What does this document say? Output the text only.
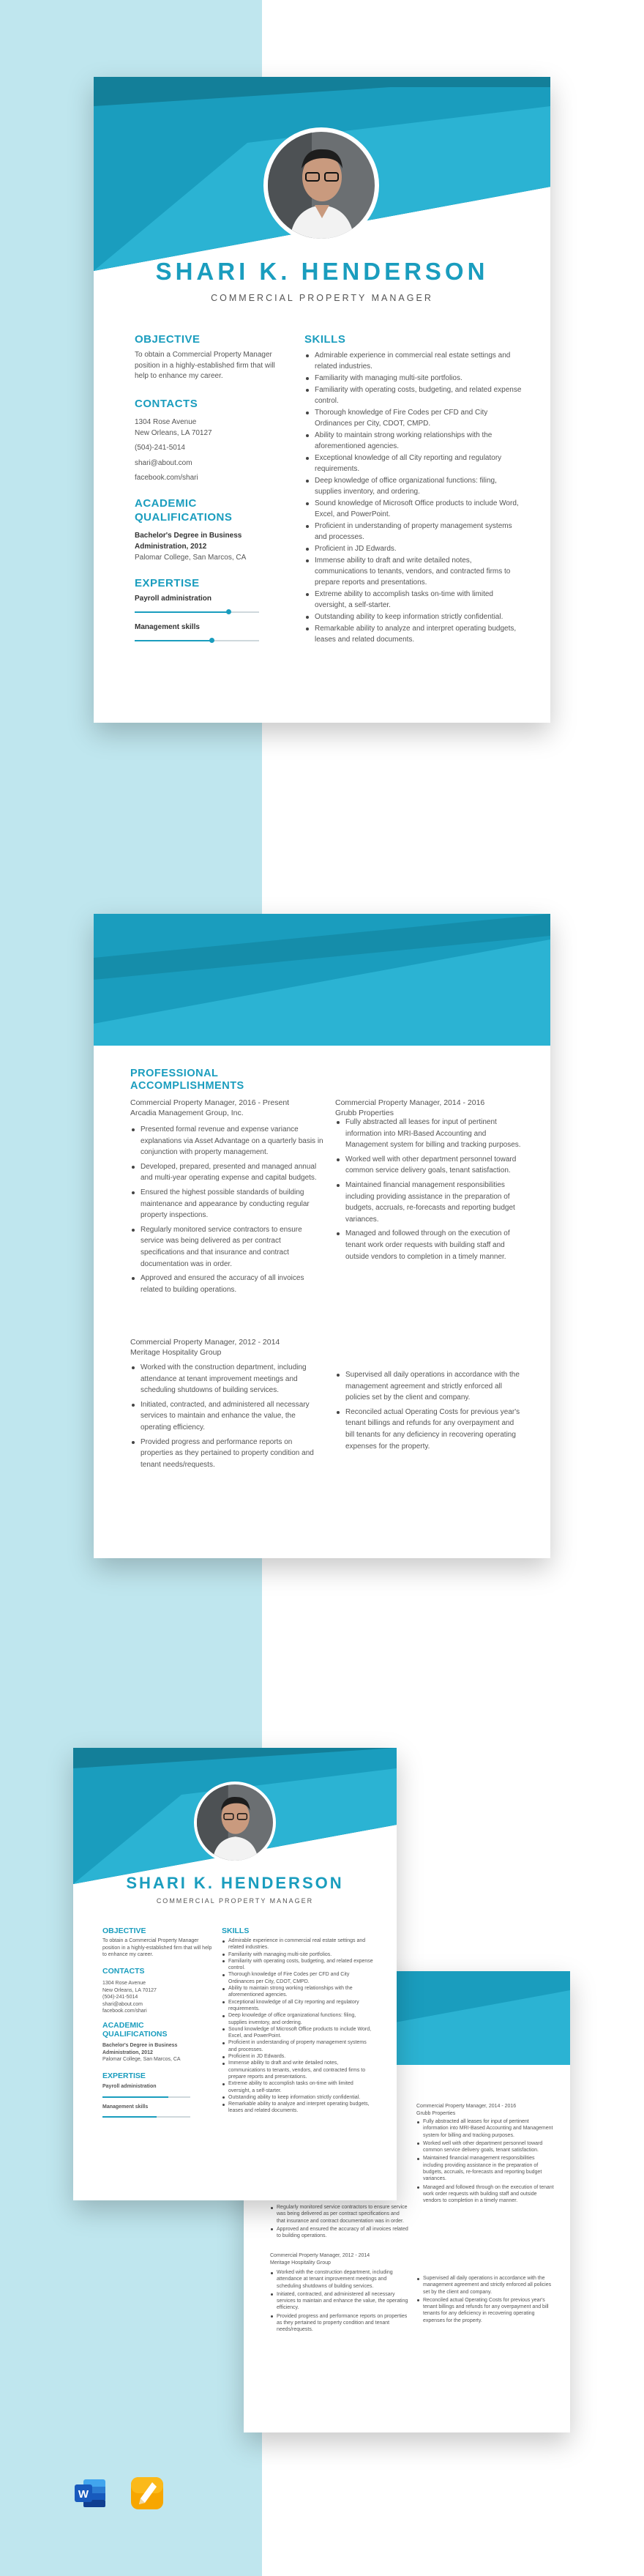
SHARI K. HENDERSON
COMMERCIAL PROPERTY MANAGER
OBJECTIVE
To obtain a Commercial Property Manager position in a highly-established firm that will help to enhance my career.
CONTACTS
1304 Rose Avenue
New Orleans, LA 70127
(504)-241-5014
shari@about.com
facebook.com/shari
ACADEMIC
QUALIFICATIONS
Bachelor's Degree in Business
Administration, 2012
Palomar College, San Marcos, CA
EXPERTISE
Payroll administration
Management skills
SKILLS
Admirable experience in commercial real estate settings and related industries.
Familiarity with managing multi-site portfolios.
Familiarity with operating costs, budgeting, and related expense control.
Thorough knowledge of Fire Codes per CFD and City Ordinances per City, CDOT, CMPD.
Ability to maintain strong working relationships with the aforementioned agencies.
Exceptional knowledge of all City reporting and regulatory requirements.
Deep knowledge of office organizational functions: filing, supplies inventory, and ordering.
Sound knowledge of Microsoft Office products to include Word, Excel, and PowerPoint.
Proficient in understanding of property management systems and processes.
Proficient in JD Edwards.
Immense ability to draft and write detailed notes, communications to tenants, vendors, and contracted firms to prepare reports and presentations.
Extreme ability to accomplish tasks on-time with limited oversight, a self-starter.
Outstanding ability to keep information strictly confidential.
Remarkable ability to analyze and interpret operating budgets, leases and related documents.
PROFESSIONAL
ACCOMPLISHMENTS
Commercial Property Manager, 2016 - Present
Arcadia Management Group, Inc.
Presented formal revenue and expense variance explanations via Asset Advantage on a quarterly basis in conjunction with property management.
Developed, prepared, presented and managed annual and multi-year operating expense and capital budgets.
Ensured the highest possible standards of building maintenance and appearance by conducting regular property inspections.
Regularly monitored service contractors to ensure service was being delivered as per contract specifications and that insurance and contract documentation was in order.
Approved and ensured the accuracy of all invoices related to building operations.
Commercial Property Manager, 2014 - 2016
Grubb Properties
Fully abstracted all leases for input of pertinent information into MRI-Based Accounting and Management system for billing and tracking purposes.
Worked well with other department personnel toward common service delivery goals, tenant satisfaction.
Maintained financial management responsibilities including providing assistance in the preparation of budgets, accruals, re-forecasts and reporting budget variances.
Managed and followed through on the execution of tenant work order requests with building staff and outside vendors to completion in a timely manner.
Commercial Property Manager, 2012 - 2014
Meritage Hospitality Group
Worked with the construction department, including attendance at tenant improvement meetings and scheduling shutdowns of building services.
Initiated, contracted, and administered all necessary services to maintain and enhance the value, the operating efficiency.
Provided progress and performance reports on properties as they pertained to property condition and tenant needs/requests.
Supervised all daily operations in accordance with the management agreement and strictly enforced all policies set by the client and company.
Reconciled actual Operating Costs for previous year's tenant billings and refunds for any overpayment and bill tenants for any deficiency in recovering operating expenses for the property.
Commercial Property Manager, 2014 - 2016
Grubb Properties
Fully abstracted all leases for input of pertinent information into MRI-Based Accounting and Management system for billing and tracking purposes.
Worked well with other department personnel toward common service delivery goals, tenant satisfaction.
Maintained financial management responsibilities including providing assistance in the preparation of budgets, accruals, re-forecasts and reporting budget variances.
Managed and followed through on the execution of tenant work order requests with building staff and outside vendors to completion in a timely manner.
Regularly monitored service contractors to ensure service was being delivered as per contract specifications and that insurance and contract documentation was in order.
Approved and ensured the accuracy of all invoices related to building operations.
Commercial Property Manager, 2012 - 2014
Meritage Hospitality Group
Worked with the construction department, including attendance at tenant improvement meetings and scheduling shutdowns of building services.
Initiated, contracted, and administered all necessary services to maintain and enhance the value, the operating efficiency.
Provided progress and performance reports on properties as they pertained to property condition and tenant needs/requests.
Supervised all daily operations in accordance with the management agreement and strictly enforced all policies set by the client and company.
Reconciled actual Operating Costs for previous year's tenant billings and refunds for any overpayment and bill tenants for any deficiency in recovering operating expenses for the property.
SHARI K. HENDERSON
COMMERCIAL PROPERTY MANAGER
OBJECTIVE
To obtain a Commercial Property Manager position in a highly-established firm that will help to enhance my career.
CONTACTS
1304 Rose Avenue
New Orleans, LA 70127
(504)-241-5014
shari@about.com
facebook.com/shari
ACADEMIC
QUALIFICATIONS
Bachelor's Degree in Business
Administration, 2012
Palomar College, San Marcos, CA
EXPERTISE
Payroll administration
Management skills
SKILLS
Admirable experience in commercial real estate settings and related industries.
Familiarity with managing multi-site portfolios.
Familiarity with operating costs, budgeting, and related expense control.
Thorough knowledge of Fire Codes per CFD and City Ordinances per City, CDOT, CMPD.
Ability to maintain strong working relationships with the aforementioned agencies.
Exceptional knowledge of all City reporting and regulatory requirements.
Deep knowledge of office organizational functions: filing, supplies inventory, and ordering.
Sound knowledge of Microsoft Office products to include Word, Excel, and PowerPoint.
Proficient in understanding of property management systems and processes.
Proficient in JD Edwards.
Immense ability to draft and write detailed notes, communications to tenants, vendors, and contracted firms to prepare reports and presentations.
Extreme ability to accomplish tasks on-time with limited oversight, a self-starter.
Outstanding ability to keep information strictly confidential.
Remarkable ability to analyze and interpret operating budgets, leases and related documents.
W
